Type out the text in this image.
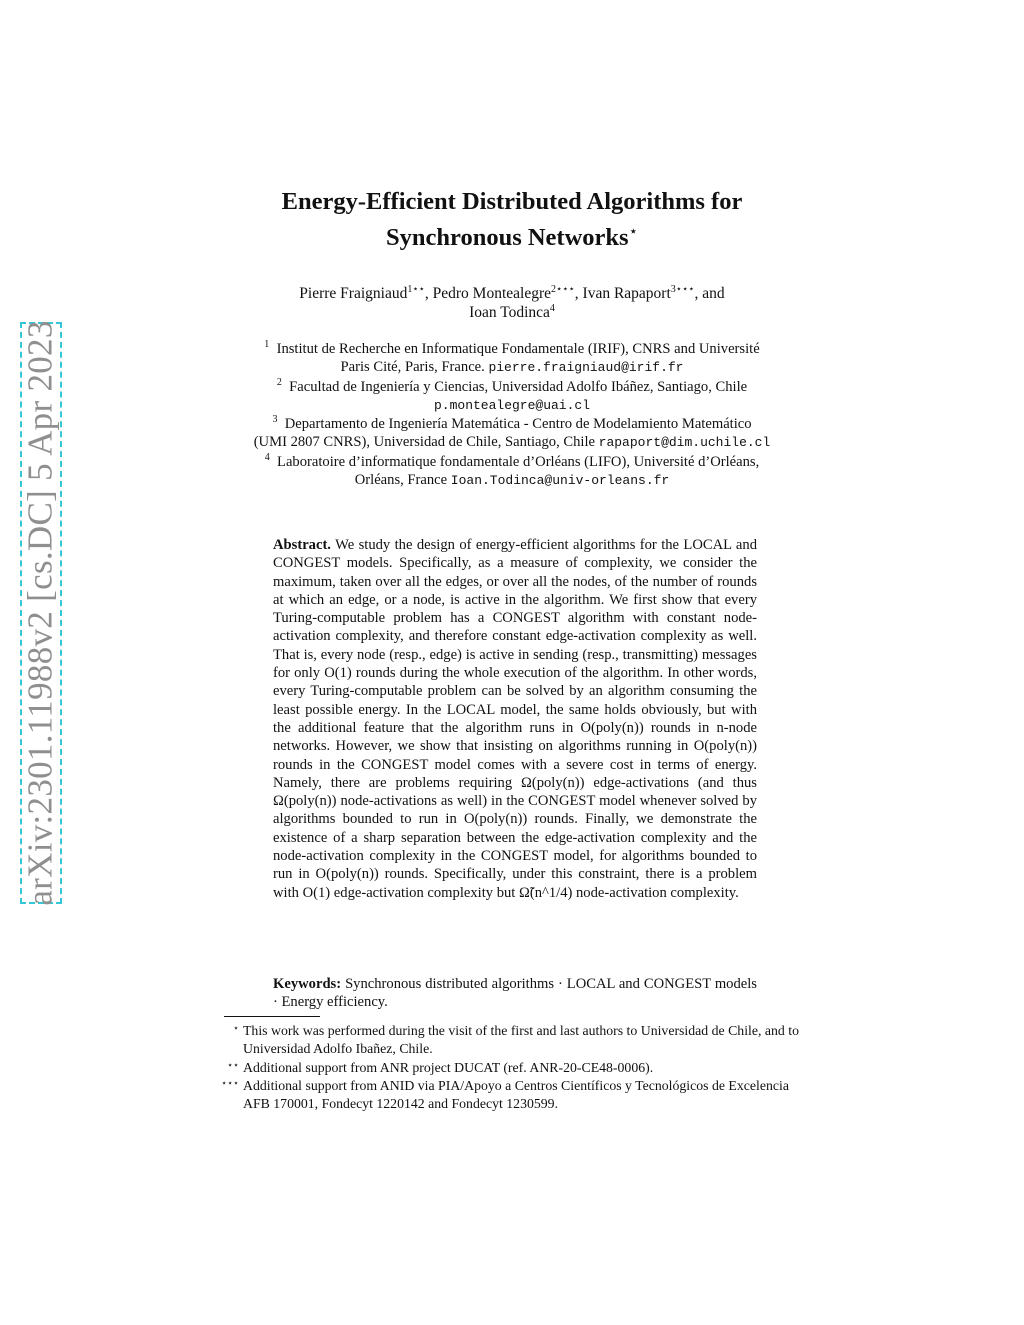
arXiv:2301.11988v2 [cs.DC] 5 Apr 2023
Energy-Efficient Distributed Algorithms for
Synchronous Networks⋆
Pierre Fraigniaud$^{1⋆⋆}$, Pedro Montealegre$^{2⋆⋆⋆}$, Ivan Rapaport$^{3⋆⋆⋆}$, and
Ioan Todinca$^4$
$^1$ Institut de Recherche en Informatique Fondamentale (IRIF), CNRS and Université
Paris Cité, Paris, France. pierre.fraigniaud@irif.fr
$^2$ Facultad de Ingeniería y Ciencias, Universidad Adolfo Ibáñez, Santiago, Chile
p.montealegre@uai.cl
$^3$ Departamento de Ingeniería Matemática - Centro de Modelamiento Matemático
(UMI 2807 CNRS), Universidad de Chile, Santiago, Chile rapaport@dim.uchile.cl
$^4$ Laboratoire d’informatique fondamentale d’Orléans (LIFO), Université d’Orléans,
Orléans, France Ioan.Todinca@univ-orleans.fr
Abstract. We study the design of energy-efficient algorithms for the LOCAL and CONGEST models. Specifically, as a measure of complexity, we consider the maximum, taken over all the edges, or over all the nodes, of the number of rounds at which an edge, or a node, is active in the algorithm. We first show that every Turing-computable problem has a CONGEST algorithm with constant node-activation complexity, and therefore constant edge-activation complexity as well. That is, every node (resp., edge) is active in sending (resp., transmitting) messages for only O(1) rounds during the whole execution of the algorithm. In other words, every Turing-computable problem can be solved by an algorithm consuming the least possible energy. In the LOCAL model, the same holds obviously, but with the additional feature that the algorithm runs in O(poly(n)) rounds in n-node networks. However, we show that insisting on algorithms running in O(poly(n)) rounds in the CONGEST model comes with a severe cost in terms of energy. Namely, there are problems requiring Ω(poly(n)) edge-activations (and thus Ω(poly(n)) node-activations as well) in the CONGEST model whenever solved by algorithms bounded to run in O(poly(n)) rounds. Finally, we demonstrate the existence of a sharp separation between the edge-activation complexity and the node-activation complexity in the CONGEST model, for algorithms bounded to run in O(poly(n)) rounds. Specifically, under this constraint, there is a problem with O(1) edge-activation complexity but Ω̃(n^1/4) node-activation complexity.
Keywords: Synchronous distributed algorithms · LOCAL and CONGEST models · Energy efficiency.
⋆ This work was performed during the visit of the first and last authors to Universidad de Chile, and to Universidad Adolfo Ibañez, Chile.
⋆⋆ Additional support from ANR project DUCAT (ref. ANR-20-CE48-0006).
⋆⋆⋆ Additional support from ANID via PIA/Apoyo a Centros Científicos y Tecnológicos de Excelencia AFB 170001, Fondecyt 1220142 and Fondecyt 1230599.
